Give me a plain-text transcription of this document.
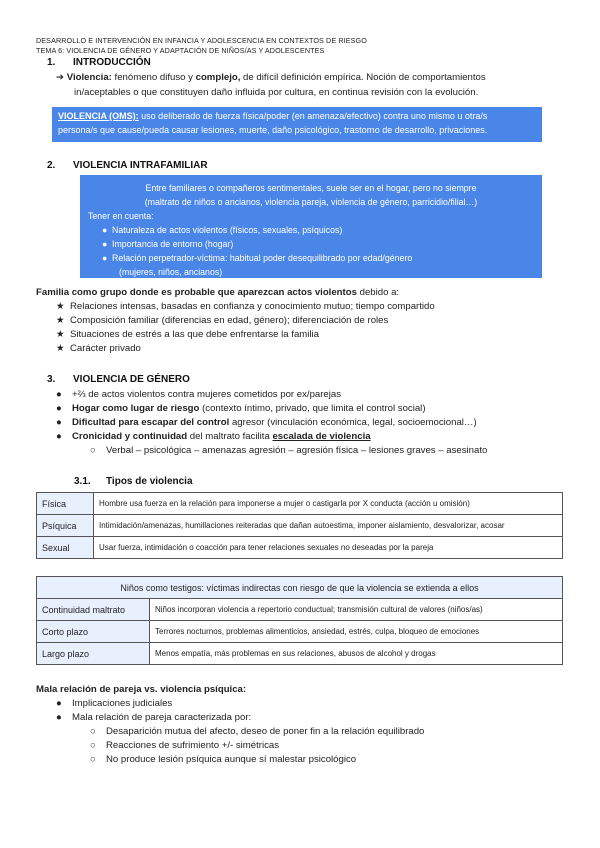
DESARROLLO E INTERVENCIÓN EN INFANCIA Y ADOLESCENCIA EN CONTEXTOS DE RIESGO
TEMA 6: VIOLENCIA DE GÉNERO Y ADAPTACIÓN DE NIÑOS/AS Y ADOLESCENTES
1. INTRODUCCIÓN
➔ Violencia: fenómeno difuso y complejo, de difícil definición empírica. Noción de comportamientos
in/aceptables o que constituyen daño influida por cultura, en continua revisión con la evolución.
VIOLENCIA (OMS): uso deliberado de fuerza física/poder (en amenaza/efectivo) contra uno mismo u otra/s
persona/s que cause/pueda causar lesiones, muerte, daño psicológico, trastorno de desarrollo, privaciones.
2. VIOLENCIA INTRAFAMILIAR
Entre familiares o compañeros sentimentales, suele ser en el hogar, pero no siempre
(maltrato de niños o ancianos, violencia pareja, violencia de género, parricidio/filial…)
Tener en cuenta:
● Naturaleza de actos violentos (físicos, sexuales, psíquicos)
● Importancia de entorno (hogar)
● Relación perpetrador-víctima: habitual poder desequilibrado por edad/género
(mujeres, niños, ancianos)
Familia como grupo donde es probable que aparezcan actos violentos debido a:
★ Relaciones intensas, basadas en confianza y conocimiento mutuo; tiempo compartido
★ Composición familiar (diferencias en edad, género); diferenciación de roles
★ Situaciones de estrés a las que debe enfrentarse la familia
★ Carácter privado
3. VIOLENCIA DE GÉNERO
● +⅔ de actos violentos contra mujeres cometidos por ex/parejas
● Hogar como lugar de riesgo (contexto íntimo, privado, que limita el control social)
● Dificultad para escapar del control agresor (vinculación económica, legal, socioemocional…)
● Cronicidad y continuidad del maltrato facilita escalada de violencia
○ Verbal – psicológica – amenazas agresión – agresión física – lesiones graves – asesinato
3.1. Tipos de violencia
Física	Hombre usa fuerza en la relación para imponerse a mujer o castigarla por X conducta (acción u omisión)
Psíquica	Intimidación/amenazas, humillaciones reiteradas que dañan autoestima, imponer aislamiento, desvalorizar, acosar
Sexual	Usar fuerza, intimidación o coacción para tener relaciones sexuales no deseadas por la pareja
Niños como testigos: víctimas indirectas con riesgo de que la violencia se extienda a ellos	
Continuidad maltrato	Niños incorporan violencia a repertorio conductual; transmisión cultural de valores (niños/as)
Corto plazo	Terrores nocturnos, problemas alimenticios, ansiedad, estrés, culpa, bloqueo de emociones
Largo plazo	Menos empatía, más problemas en sus relaciones, abusos de alcohol y drogas
Mala relación de pareja vs. violencia psíquica:
● Implicaciones judiciales
● Mala relación de pareja caracterizada por:
○ Desaparición mutua del afecto, deseo de poner fin a la relación equilibrado
○ Reacciones de sufrimiento +/- simétricas
○ No produce lesión psíquica aunque sí malestar psicológico
